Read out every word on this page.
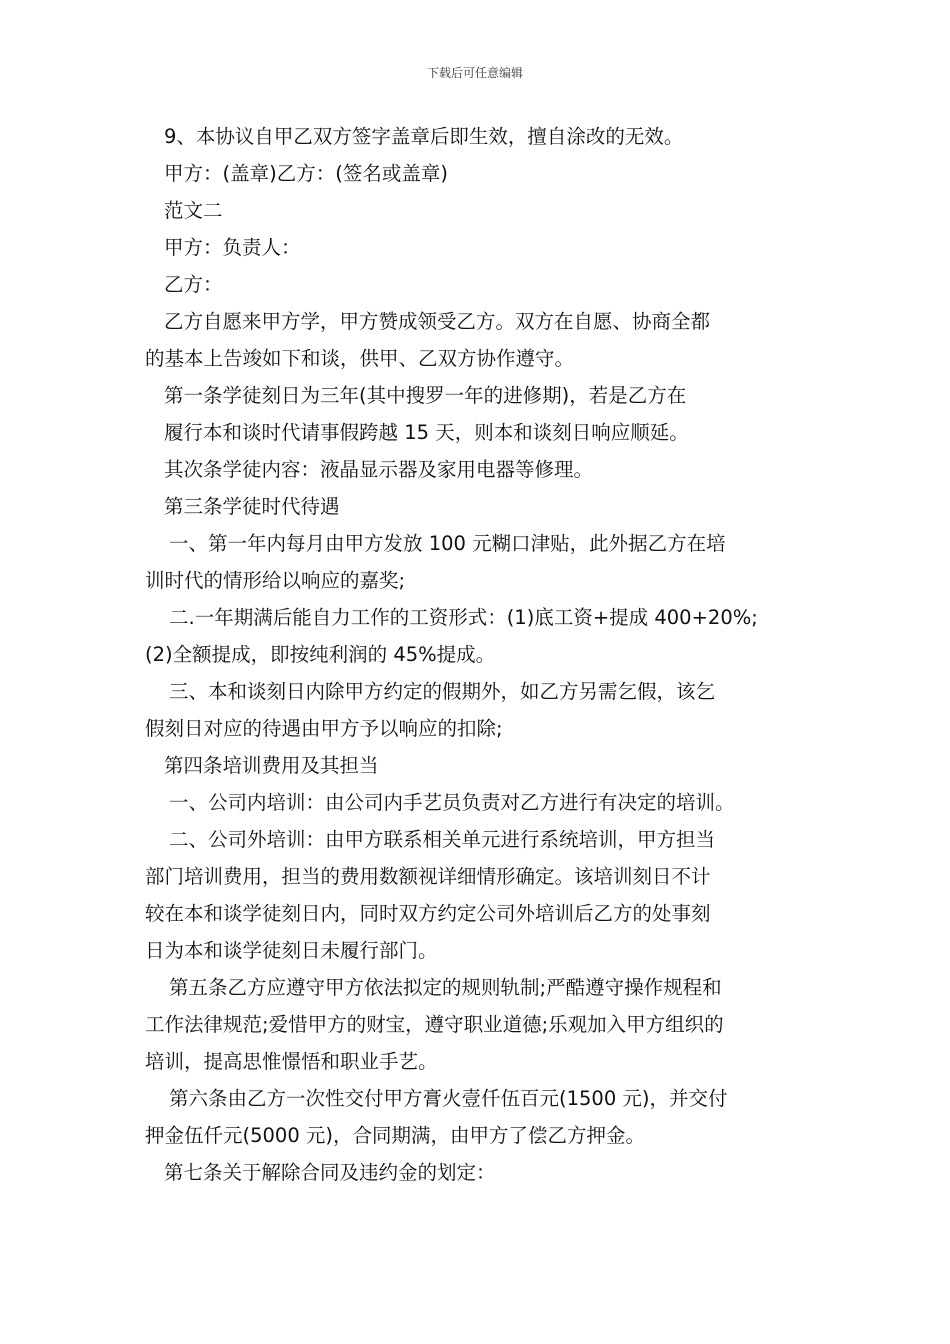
下载后可任意编辑
9、本协议自甲乙双方签字盖章后即生效，擅自涂改的无效。
甲方：(盖章)乙方：(签名或盖章)
范文二
甲方：负责人：
乙方：
乙方自愿来甲方学，甲方赞成领受乙方。双方在自愿、协商全都
的基本上告竣如下和谈，供甲、乙双方协作遵守。
第一条学徒刻日为三年(其中搜罗一年的进修期)，若是乙方在
履行本和谈时代请事假跨越 15 天，则本和谈刻日响应顺延。
其次条学徒内容：液晶显示器及家用电器等修理。
第三条学徒时代待遇
一、第一年内每月由甲方发放 100 元糊口津贴，此外据乙方在培
训时代的情形给以响应的嘉奖;
二.一年期满后能自力工作的工资形式：(1)底工资+提成 400+20%;
(2)全额提成，即按纯利润的 45%提成。
三、本和谈刻日内除甲方约定的假期外，如乙方另需乞假，该乞
假刻日对应的待遇由甲方予以响应的扣除;
第四条培训费用及其担当
一、公司内培训：由公司内手艺员负责对乙方进行有决定的培训。
二、公司外培训：由甲方联系相关单元进行系统培训，甲方担当
部门培训费用，担当的费用数额视详细情形确定。该培训刻日不计
较在本和谈学徒刻日内，同时双方约定公司外培训后乙方的处事刻
日为本和谈学徒刻日未履行部门。
第五条乙方应遵守甲方依法拟定的规则轨制;严酷遵守操作规程和
工作法律规范;爱惜甲方的财宝，遵守职业道德;乐观加入甲方组织的
培训，提高思惟憬悟和职业手艺。
第六条由乙方一次性交付甲方膏火壹仟伍百元(1500 元)，并交付
押金伍仟元(5000 元)，合同期满，由甲方了偿乙方押金。
第七条关于解除合同及违约金的划定：
